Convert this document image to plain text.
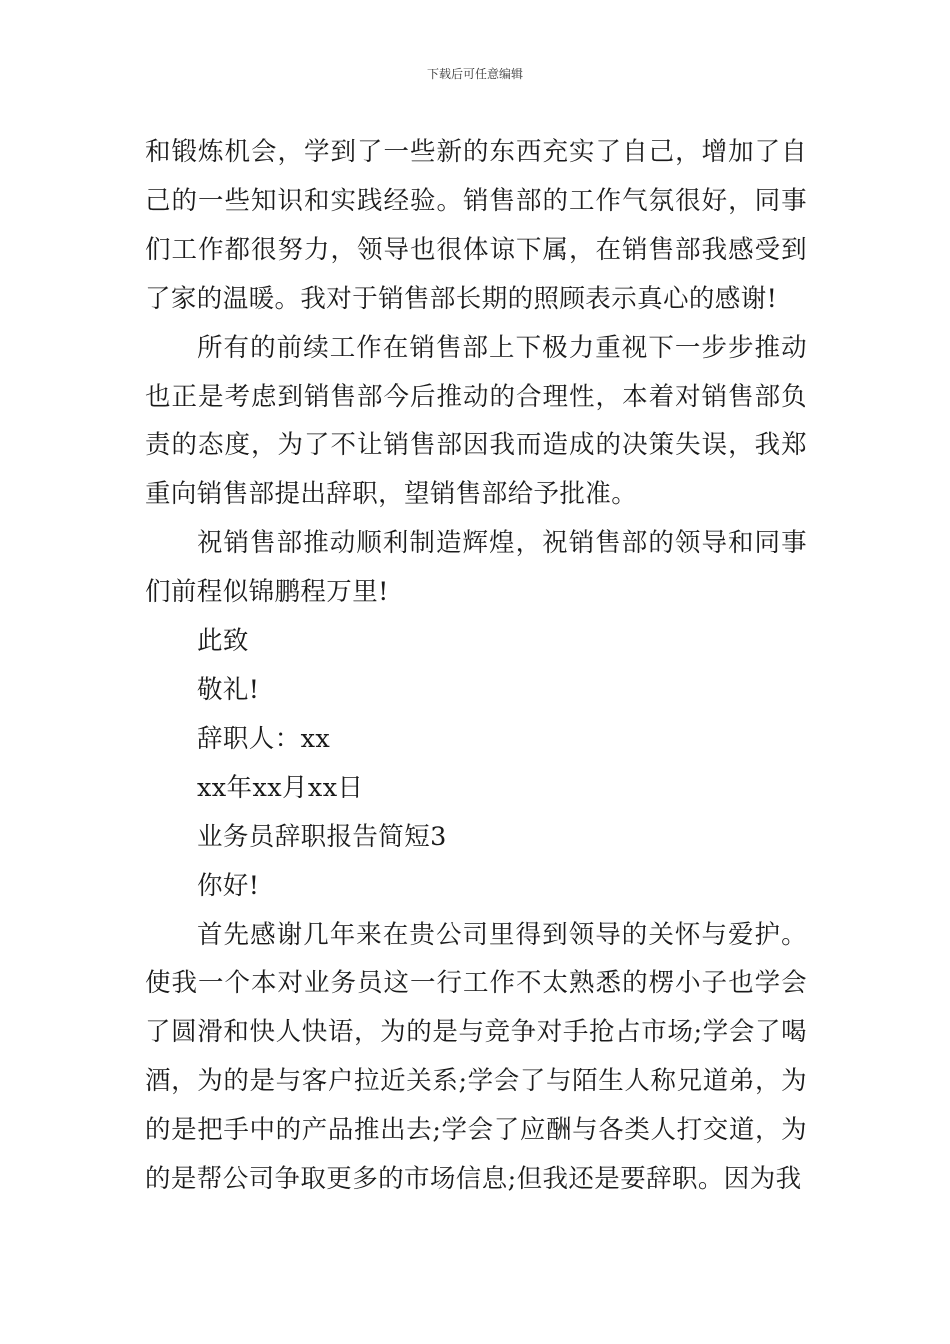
下载后可任意编辑

和锻炼机会，学到了一些新的东西充实了自己，增加了自己的一些知识和实践经验。销售部的工作气氛很好，同事们工作都很努力，领导也很体谅下属，在销售部我感受到了家的温暖。我对于销售部长期的照顾表示真心的感谢!

所有的前续工作在销售部上下极力重视下一步步推动也正是考虑到销售部今后推动的合理性，本着对销售部负责的态度，为了不让销售部因我而造成的决策失误，我郑重向销售部提出辞职，望销售部给予批准。

祝销售部推动顺利制造辉煌，祝销售部的领导和同事们前程似锦鹏程万里!

此致

敬礼!

辞职人：xx

xx年xx月xx日

业务员辞职报告简短3

你好!

首先感谢几年来在贵公司里得到领导的关怀与爱护。使我一个本对业务员这一行工作不太熟悉的楞小子也学会了圆滑和快人快语，为的是与竞争对手抢占市场;学会了喝酒，为的是与客户拉近关系;学会了与陌生人称兄道弟，为的是把手中的产品推出去;学会了应酬与各类人打交道，为的是帮公司争取更多的市场信息;但我还是要辞职。因为我
